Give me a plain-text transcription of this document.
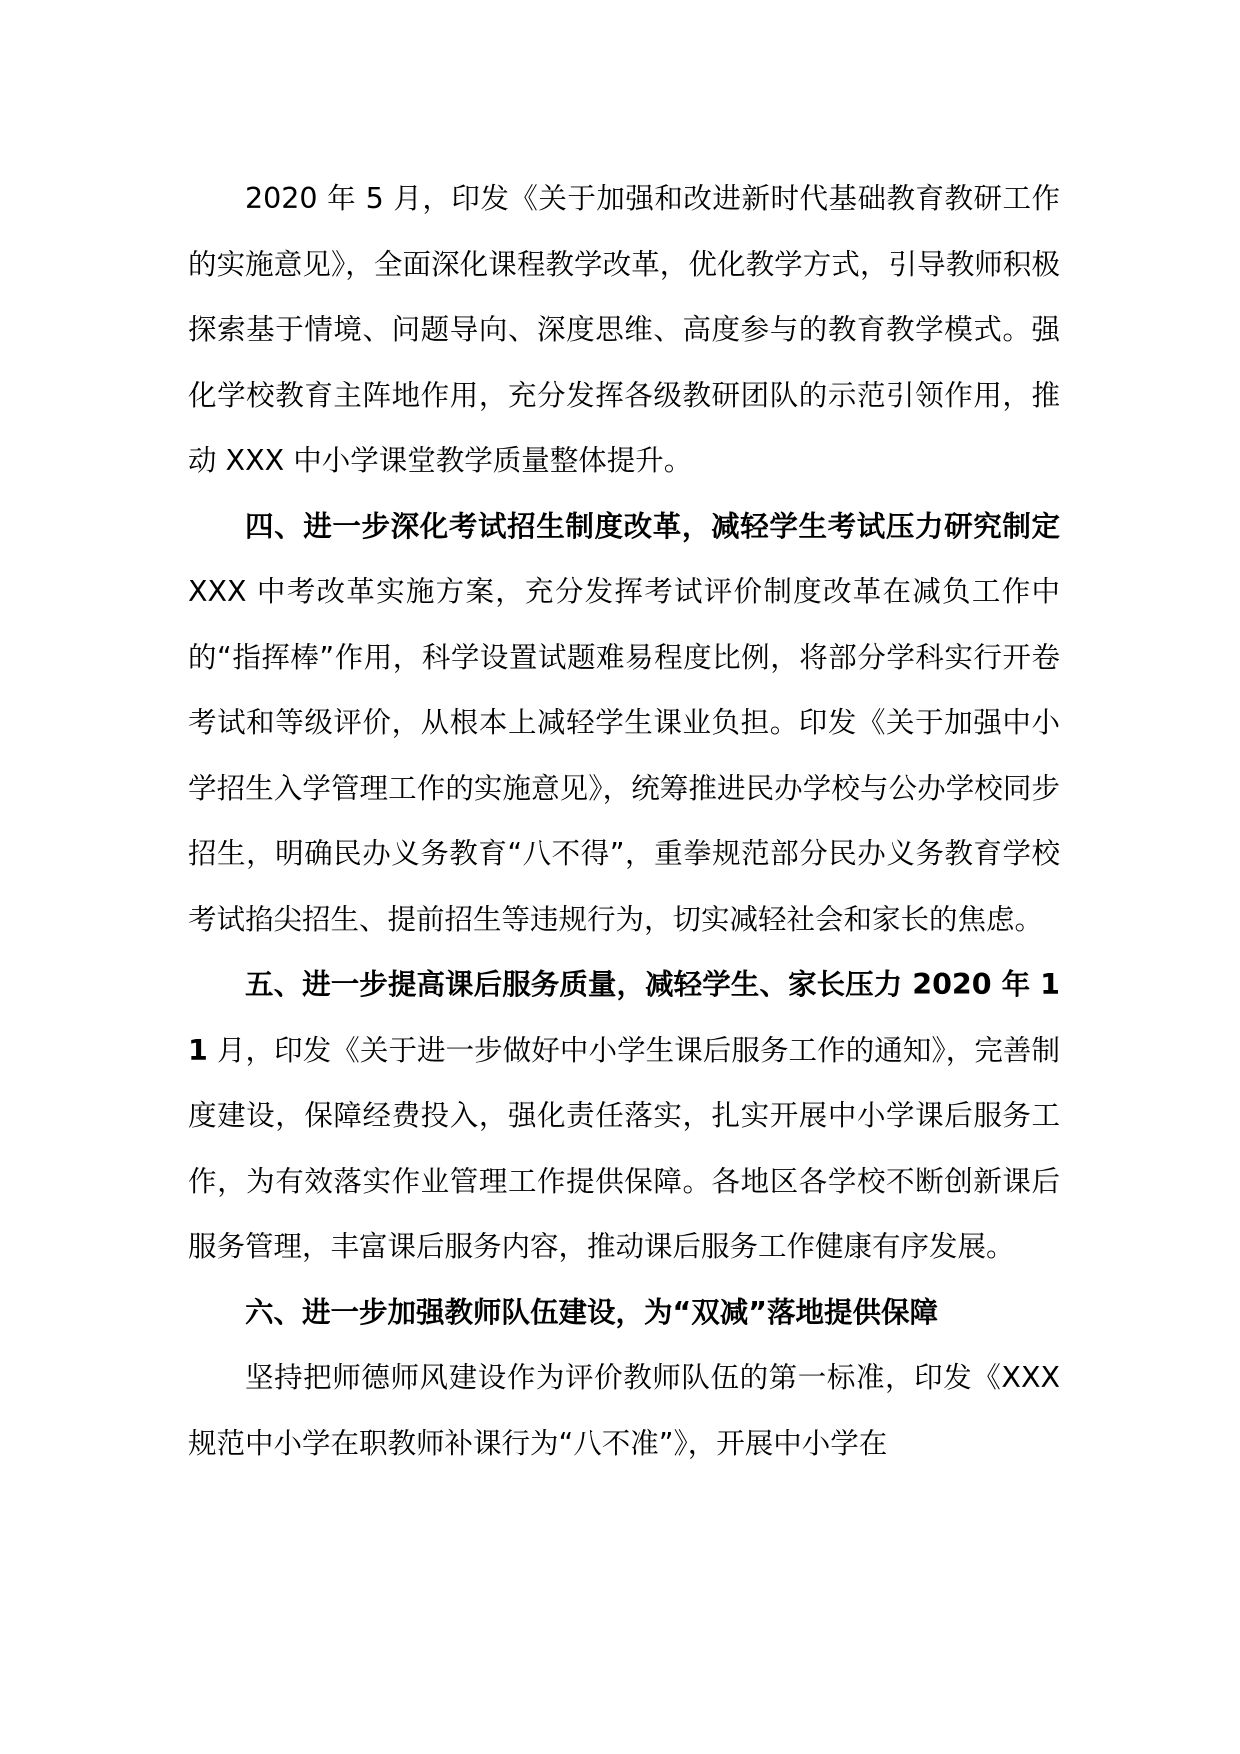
2020 年 5 月，印发《关于加强和改进新时代基础教育教研工作的实施意见》，全面深化课程教学改革，优化教学方式，引导教师积极探索基于情境、问题导向、深度思维、高度参与的教育教学模式。强化学校教育主阵地作用，充分发挥各级教研团队的示范引领作用，推动 XXX 中小学课堂教学质量整体提升。

四、进一步深化考试招生制度改革，减轻学生考试压力研究制定 XXX 中考改革实施方案，充分发挥考试评价制度改革在减负工作中的“指挥棒”作用，科学设置试题难易程度比例，将部分学科实行开卷考试和等级评价，从根本上减轻学生课业负担。印发《关于加强中小学招生入学管理工作的实施意见》，统筹推进民办学校与公办学校同步招生，明确民办义务教育“八不得”，重拳规范部分民办义务教育学校考试掐尖招生、提前招生等违规行为，切实减轻社会和家长的焦虑。

五、进一步提高课后服务质量，减轻学生、家长压力 2020 年 11 月，印发《关于进一步做好中小学生课后服务工作的通知》，完善制度建设，保障经费投入，强化责任落实，扎实开展中小学课后服务工作，为有效落实作业管理工作提供保障。各地区各学校不断创新课后服务管理，丰富课后服务内容，推动课后服务工作健康有序发展。

六、进一步加强教师队伍建设，为“双减”落地提供保障

坚持把师德师风建设作为评价教师队伍的第一标准，印发《XXX 规范中小学在职教师补课行为“八不准”》，开展中小学在
